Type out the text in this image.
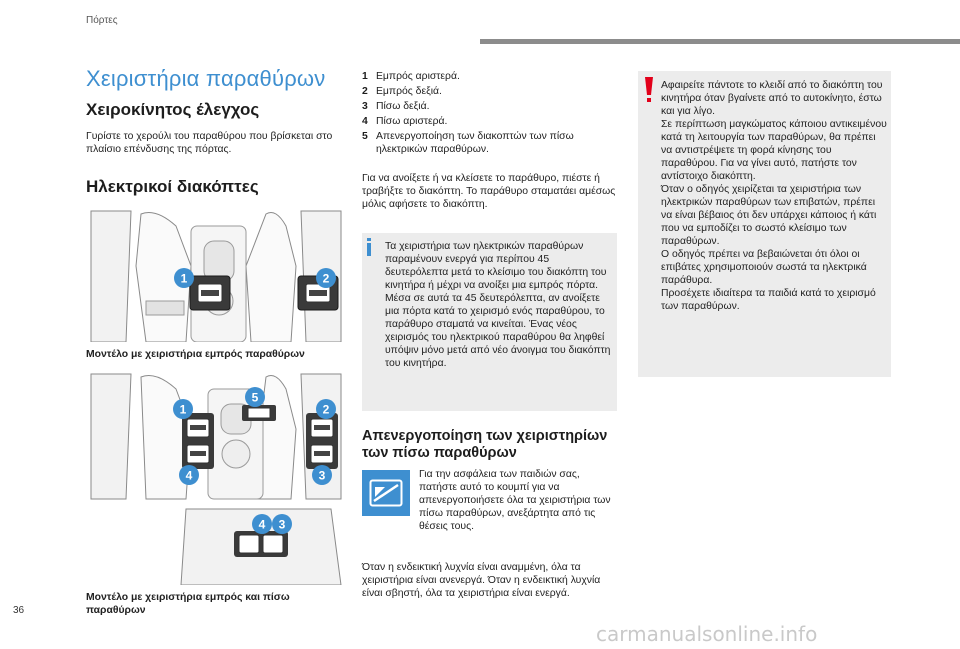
Πόρτες
Χειριστήρια παραθύρων
Χειροκίνητος έλεγχος
Γυρίστε το χερούλι του παραθύρου που βρίσκεται στο πλαίσιο επένδυσης της πόρτας.
Ηλεκτρικοί διακόπτες
1	2
Μοντέλο με χειριστήρια εμπρός παραθύρων
1
5
2
4	3
4 3
Μοντέλο με χειριστήρια εμπρός και πίσω παραθύρων
36
1 Εμπρός αριστερά.
2 Εμπρός δεξιά.
3 Πίσω δεξιά.
4 Πίσω αριστερά.
5 Απενεργοποίηση των διακοπτών των πίσω ηλεκτρικών παραθύρων.
Για να ανοίξετε ή να κλείσετε το παράθυρο, πιέστε ή τραβήξτε το διακόπτη. Το παράθυρο σταματάει αμέσως μόλις αφήσετε το διακόπτη.
Τα χειριστήρια των ηλεκτρικών παραθύρων παραμένουν ενεργά για περίπου 45 δευτερόλεπτα μετά το κλείσιμο του διακόπτη του κινητήρα ή μέχρι να ανοίξει μια εμπρός πόρτα. Μέσα σε αυτά τα 45 δευτερόλεπτα, αν ανοίξετε μια πόρτα κατά το χειρισμό ενός παραθύρου, το παράθυρο σταματά να κινείται. Ένας νέος χειρισμός του ηλεκτρικού παραθύρου θα ληφθεί υπόψιν μόνο μετά από νέο άνοιγμα του διακόπτη του κινητήρα.
Απενεργοποίηση των χειριστηρίων των πίσω παραθύρων
Για την ασφάλεια των παιδιών σας, πατήστε αυτό το κουμπί για να απενεργοποιήσετε όλα τα χειριστήρια των πίσω παραθύρων, ανεξάρτητα από τις θέσεις τους.
Όταν η ενδεικτική λυχνία είναι αναμμένη, όλα τα χειριστήρια είναι ανενεργά. Όταν η ενδεικτική λυχνία είναι σβηστή, όλα τα χειριστήρια είναι ενεργά.
Αφαιρείτε πάντοτε το κλειδί από το διακόπτη του κινητήρα όταν βγαίνετε από το αυτοκίνητο, έστω και για λίγο.
Σε περίπτωση μαγκώματος κάποιου αντικειμένου κατά τη λειτουργία των παραθύρων, θα πρέπει να αντιστρέψετε τη φορά κίνησης του παραθύρου. Για να γίνει αυτό, πατήστε τον αντίστοιχο διακόπτη.
Όταν ο οδηγός χειρίζεται τα χειριστήρια των ηλεκτρικών παραθύρων των επιβατών, πρέπει να είναι βέβαιος ότι δεν υπάρχει κάποιος ή κάτι που να εμποδίζει το σωστό κλείσιμο των παραθύρων.
Ο οδηγός πρέπει να βεβαιώνεται ότι όλοι οι επιβάτες χρησιμοποιούν σωστά τα ηλεκτρικά παράθυρα.
Προσέχετε ιδιαίτερα τα παιδιά κατά το χειρισμό των παραθύρων.
carmanualsonline.info
